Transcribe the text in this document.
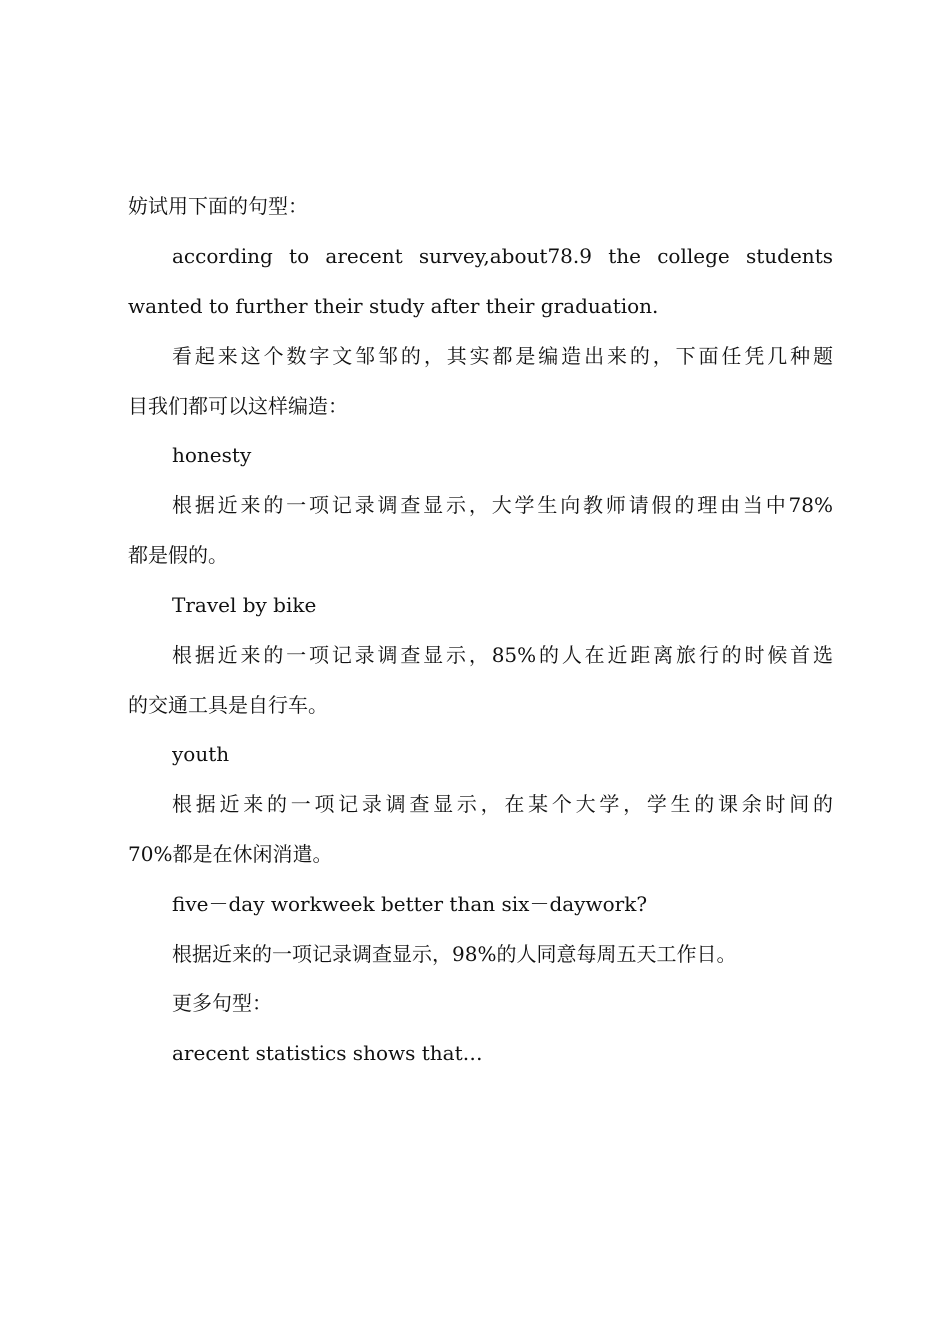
妨试用下面的句型：
according to arecent survey,about78.9 the college students
wanted to further their study after their graduation.
看起来这个数字文邹邹的，其实都是编造出来的，下面任凭几种题
目我们都可以这样编造：
honesty
根据近来的一项记录调查显示，大学生向教师请假的理由当中78%
都是假的。
Travel by bike
根据近来的一项记录调查显示，85%的人在近距离旅行的时候首选
的交通工具是自行车。
youth
根据近来的一项记录调查显示，在某个大学，学生的课余时间的
70%都是在休闲消遣。
five－day workweek better than six－daywork?
根据近来的一项记录调查显示，98%的人同意每周五天工作日。
更多句型：
arecent statistics shows that…
